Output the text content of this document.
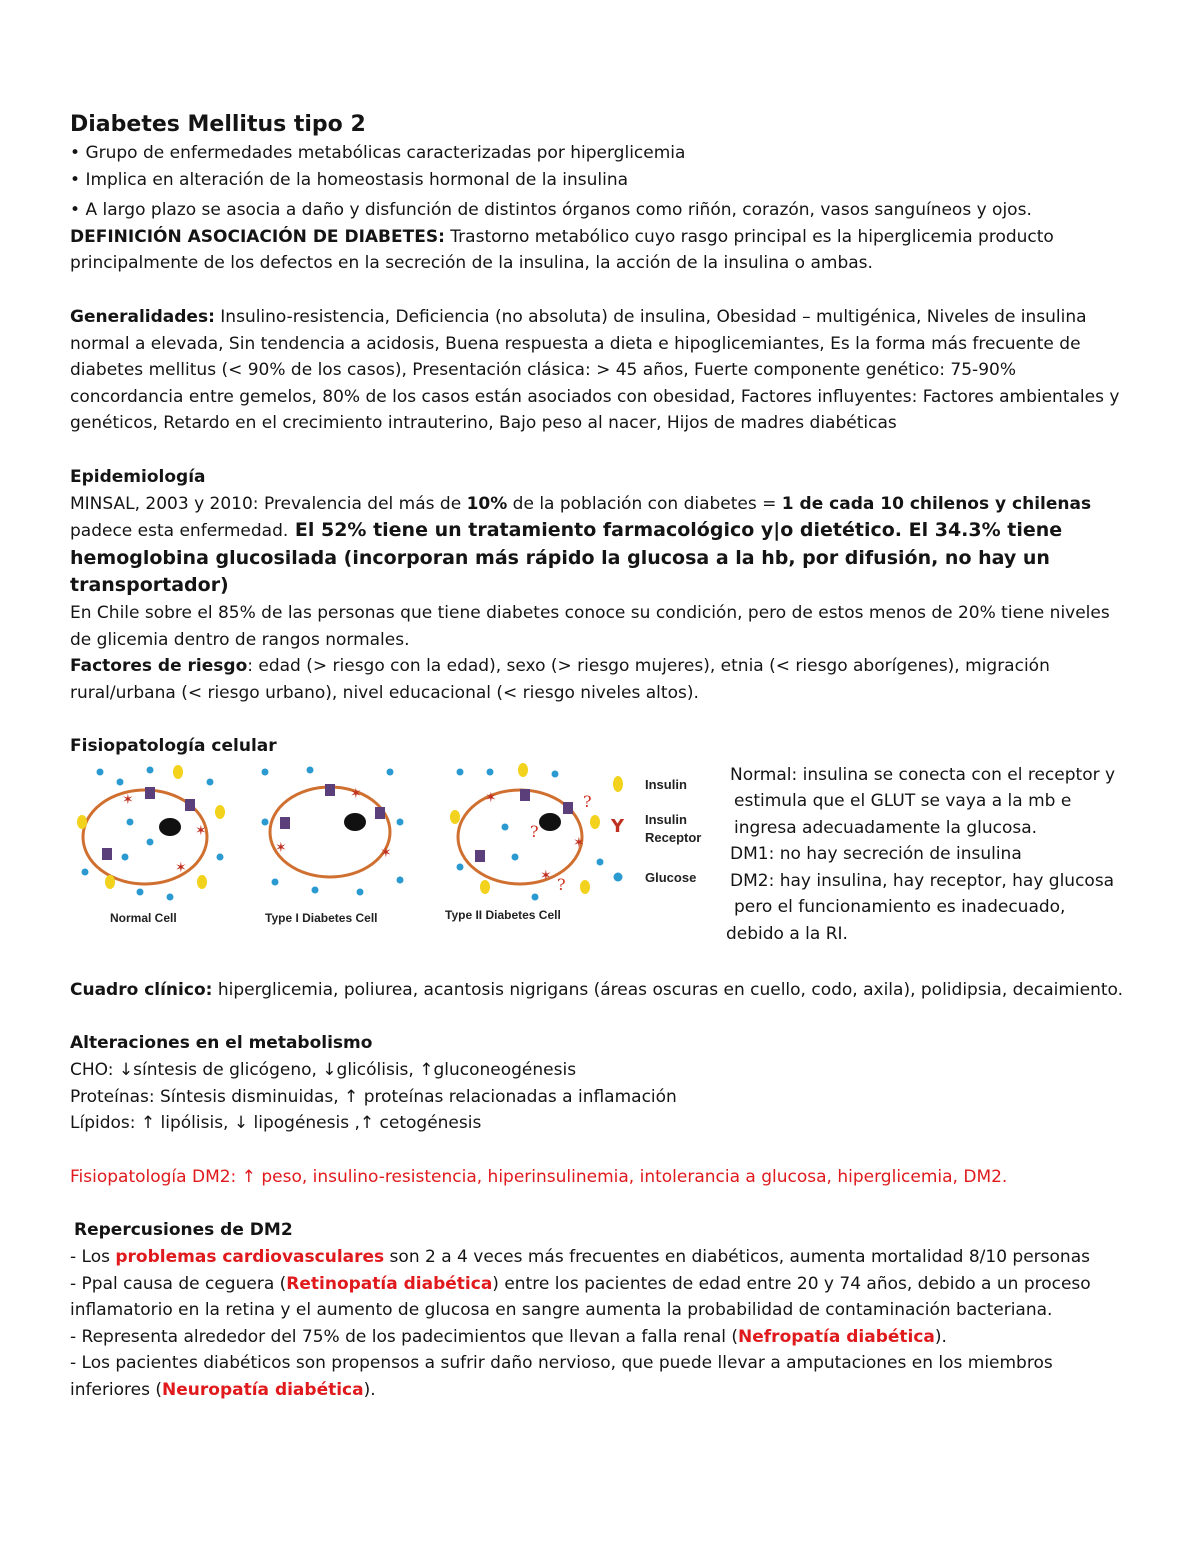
Diabetes Mellitus tipo 2

• Grupo de enfermedades metabólicas caracterizadas por hiperglicemia

• Implica en alteración de la homeostasis hormonal de la insulina

• A largo plazo se asocia a daño y disfunción de distintos órganos como riñón, corazón, vasos sanguíneos y ojos.

DEFINICIÓN ASOCIACIÓN DE DIABETES: Trastorno metabólico cuyo rasgo principal es la hiperglicemia producto principalmente de los defectos en la secreción de la insulina, la acción de la insulina o ambas.

Generalidades: Insulino-resistencia, Deficiencia (no absoluta) de insulina, Obesidad – multigénica, Niveles de insulina normal a elevada, Sin tendencia a acidosis, Buena respuesta a dieta e hipoglicemiantes, Es la forma más frecuente de diabetes mellitus (< 90% de los casos), Presentación clásica: > 45 años, Fuerte componente genético: 75-90% concordancia entre gemelos, 80% de los casos están asociados con obesidad, Factores influyentes: Factores ambientales y genéticos, Retardo en el crecimiento intrauterino, Bajo peso al nacer, Hijos de madres diabéticas

Epidemiología

MINSAL, 2003 y 2010: Prevalencia del más de 10% de la población con diabetes = 1 de cada 10 chilenos y chilenas padece esta enfermedad. El 52% tiene un tratamiento farmacológico y|o dietético. El 34.3% tiene hemoglobina glucosilada (incorporan más rápido la glucosa a la hb, por difusión, no hay un transportador)

En Chile sobre el 85% de las personas que tiene diabetes conoce su condición, pero de estos menos de 20% tiene niveles de glicemia dentro de rangos normales.

Factores de riesgo: edad (> riesgo con la edad), sexo (> riesgo mujeres), etnia (< riesgo aborígenes), migración rural/urbana (< riesgo urbano), nivel educacional (< riesgo niveles altos).

Fisiopatología celular

✶
✶
✶
Normal Cell
✶
✶	✶
Type I Diabetes Cell
✶
✶
✶
?
?
?
Type II Diabetes Cell
Insulin
Y Insulin
Receptor
Glucose

Normal: insulina se conecta con el receptor y

estimula que el GLUT se vaya a la mb e

ingresa adecuadamente la glucosa.

DM1: no hay secreción de insulina

DM2: hay insulina, hay receptor, hay glucosa

pero el funcionamiento es inadecuado,

debido a la RI.

Cuadro clínico: hiperglicemia, poliurea, acantosis nigrigans (áreas oscuras en cuello, codo, axila), polidipsia, decaimiento.

Alteraciones en el metabolismo

CHO: ↓síntesis de glicógeno, ↓glicólisis, ↑gluconeogénesis

Proteínas: Síntesis disminuidas, ↑ proteínas relacionadas a inflamación

Lípidos: ↑ lipólisis, ↓ lipogénesis ,↑ cetogénesis

Fisiopatología DM2: ↑ peso, insulino-resistencia, hiperinsulinemia, intolerancia a glucosa, hiperglicemia, DM2.

Repercusiones de DM2

- Los problemas cardiovasculares son 2 a 4 veces más frecuentes en diabéticos, aumenta mortalidad 8/10 personas

- Ppal causa de ceguera (Retinopatía diabética) entre los pacientes de edad entre 20 y 74 años, debido a un proceso inflamatorio en la retina y el aumento de glucosa en sangre aumenta la probabilidad de contaminación bacteriana.

- Representa alrededor del 75% de los padecimientos que llevan a falla renal (Nefropatía diabética).

- Los pacientes diabéticos son propensos a sufrir daño nervioso, que puede llevar a amputaciones en los miembros inferiores (Neuropatía diabética).
